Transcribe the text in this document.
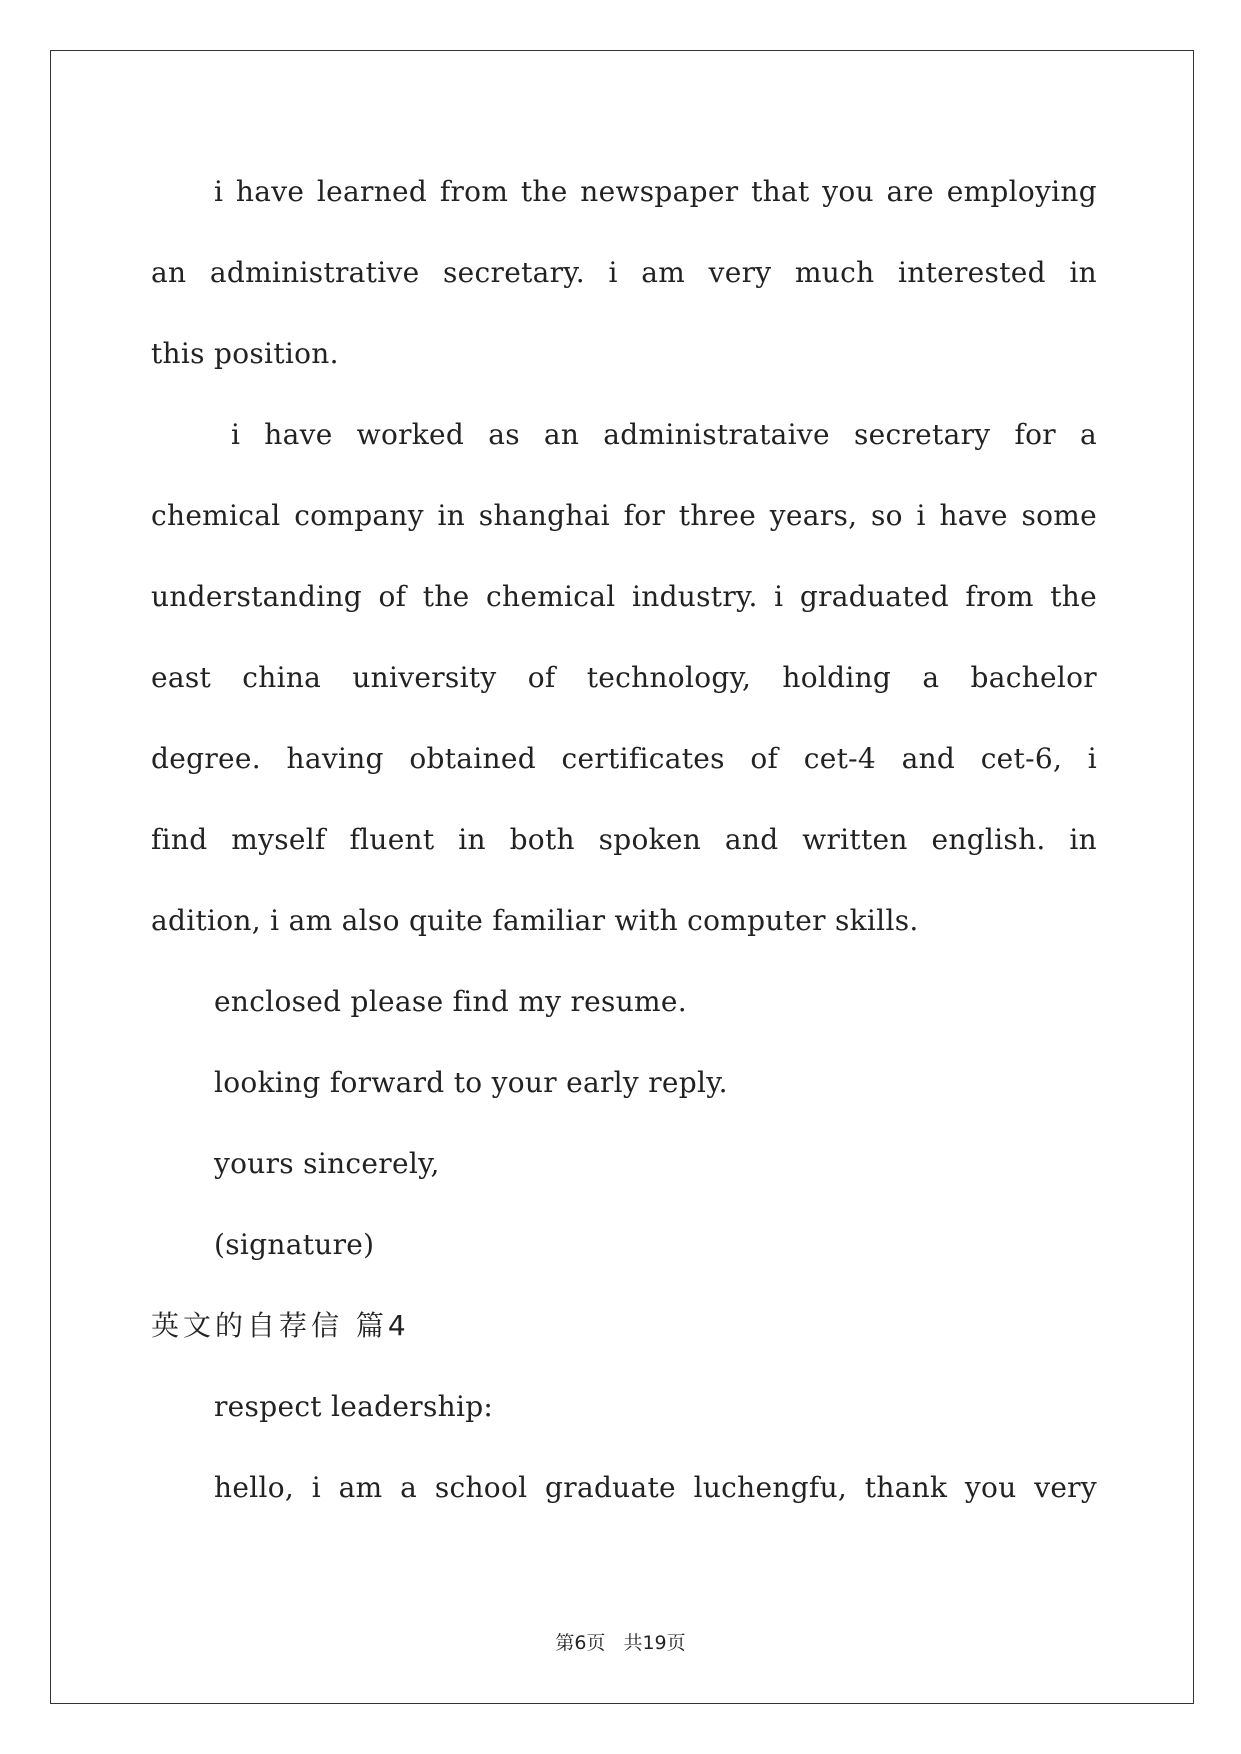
i have learned from the newspaper that you are employing
an administrative secretary. i am very much interested in
this position.
i have worked as an administrataive secretary for a
chemical company in shanghai for three years, so i have some
understanding of the chemical industry. i graduated from the
east china university of technology, holding a bachelor
degree. having obtained certificates of cet-4 and cet-6, i
find myself fluent in both spoken and written english. in
adition, i am also quite familiar with computer skills.
enclosed please find my resume.
looking forward to your early reply.
yours sincerely,
(signature)
英文的自荐信 篇4
respect leadership:
hello, i am a school graduate luchengfu, thank you very
第6页 共19页
